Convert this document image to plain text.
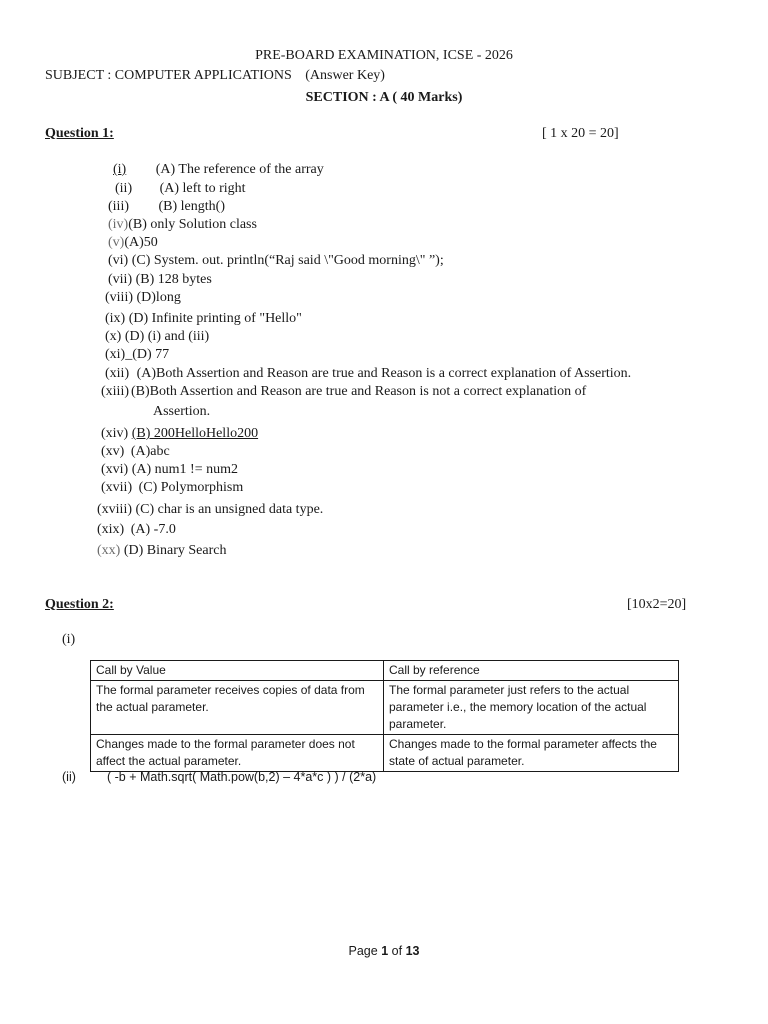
PRE-BOARD EXAMINATION, ICSE - 2026
SUBJECT : COMPUTER APPLICATIONS (Answer Key)
SECTION : A ( 40 Marks)
Question 1:	[ 1 x 20 = 20]
(i) (A) The reference of the array
(ii) (A) left to right
(iii) (B) length()
(iv)(B) only Solution class
(v)(A)50
(vi) (C) System. out. println(“Raj said \"Good morning\" ”);
(vii) (B) 128 bytes
(viii) (D)long
(ix) (D) Infinite printing of "Hello"
(x) (D) (i) and (iii)
(xi)_(D) 77
(xii) (A)Both Assertion and Reason are true and Reason is a correct explanation of Assertion.
(xiii) (B)Both Assertion and Reason are true and Reason is not a correct explanation of
Assertion.
(xiv) (B) 200HelloHello200
(xv) (A)abc
(xvi) (A) num1 != num2
(xvii) (C) Polymorphism
(xviii) (C) char is an unsigned data type.
(xix) (A) -7.0
(xx) (D) Binary Search
Question 2:	[10x2=20]
(i)
Call by Value	Call by reference
The formal parameter receives copies of data from the actual parameter.	The formal parameter just refers to the actual parameter i.e., the memory location of the actual parameter.
Changes made to the formal parameter does not affect the actual parameter.	Changes made to the formal parameter affects the state of actual parameter.
(ii) ( -b + Math.sqrt( Math.pow(b,2) – 4*a*c ) ) / (2*a)
Page 1 of 13
